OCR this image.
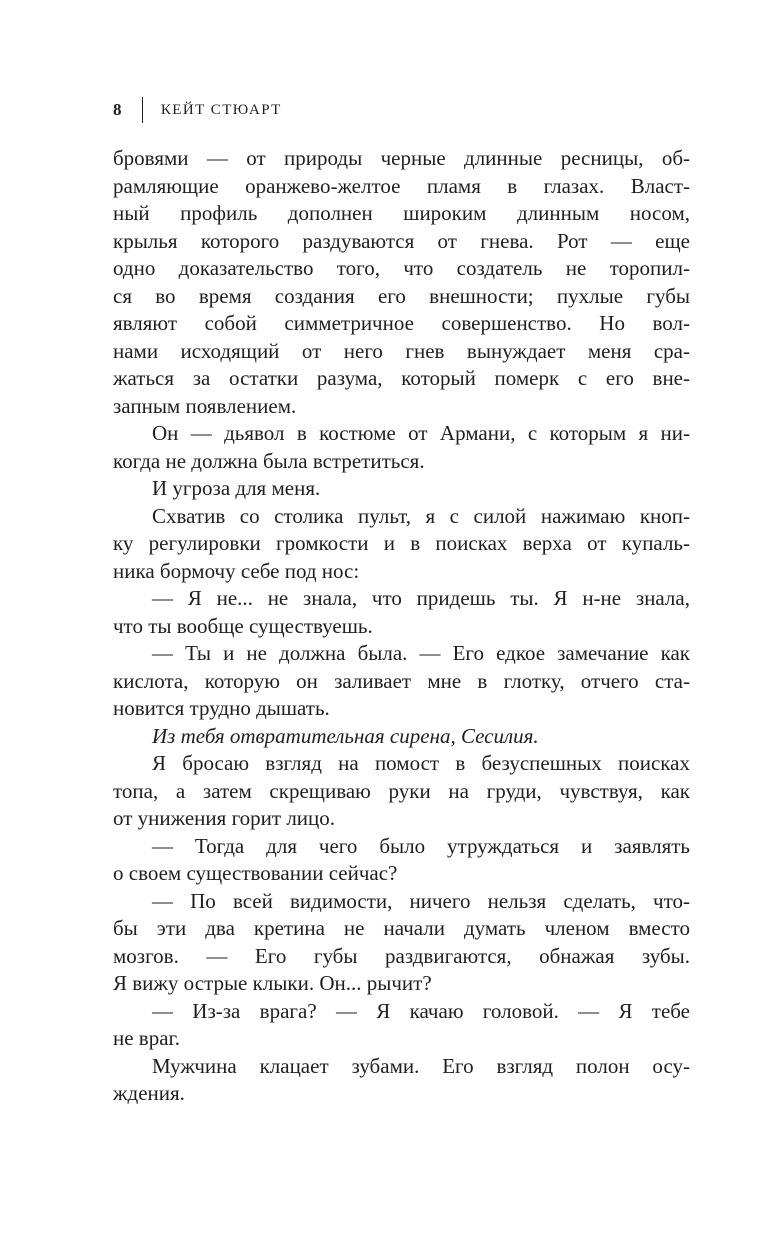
8	КЕЙТ СТЮАРТ
бровями — от природы черные длинные ресницы, об-
рамляющие оранжево-желтое пламя в глазах. Власт-
ный профиль дополнен широким длинным носом,
крылья которого раздуваются от гнева. Рот — еще
одно доказательство того, что создатель не торопил-
ся во время создания его внешности; пухлые губы
являют собой симметричное совершенство. Но вол-
нами исходящий от него гнев вынуждает меня сра-
жаться за остатки разума, который померк с его вне-
запным появлением.
Он — дьявол в костюме от Армани, с которым я ни-
когда не должна была встретиться.
И угроза для меня.
Схватив со столика пульт, я с силой нажимаю кноп-
ку регулировки громкости и в поисках верха от купаль-
ника бормочу себе под нос:
— Я не... не знала, что придешь ты. Я н-не знала,
что ты вообще существуешь.
— Ты и не должна была. — Его едкое замечание как
кислота, которую он заливает мне в глотку, отчего ста-
новится трудно дышать.
Из тебя отвратительная сирена, Сесилия.
Я бросаю взгляд на помост в безуспешных поисках
топа, а затем скрещиваю руки на груди, чувствуя, как
от унижения горит лицо.
— Тогда для чего было утруждаться и заявлять
о своем существовании сейчас?
— По всей видимости, ничего нельзя сделать, что-
бы эти два кретина не начали думать членом вместо
мозгов. — Его губы раздвигаются, обнажая зубы.
Я вижу острые клыки. Он... рычит?
— Из-за врага? — Я качаю головой. — Я тебе
не враг.
Мужчина клацает зубами. Его взгляд полон осу-
ждения.
